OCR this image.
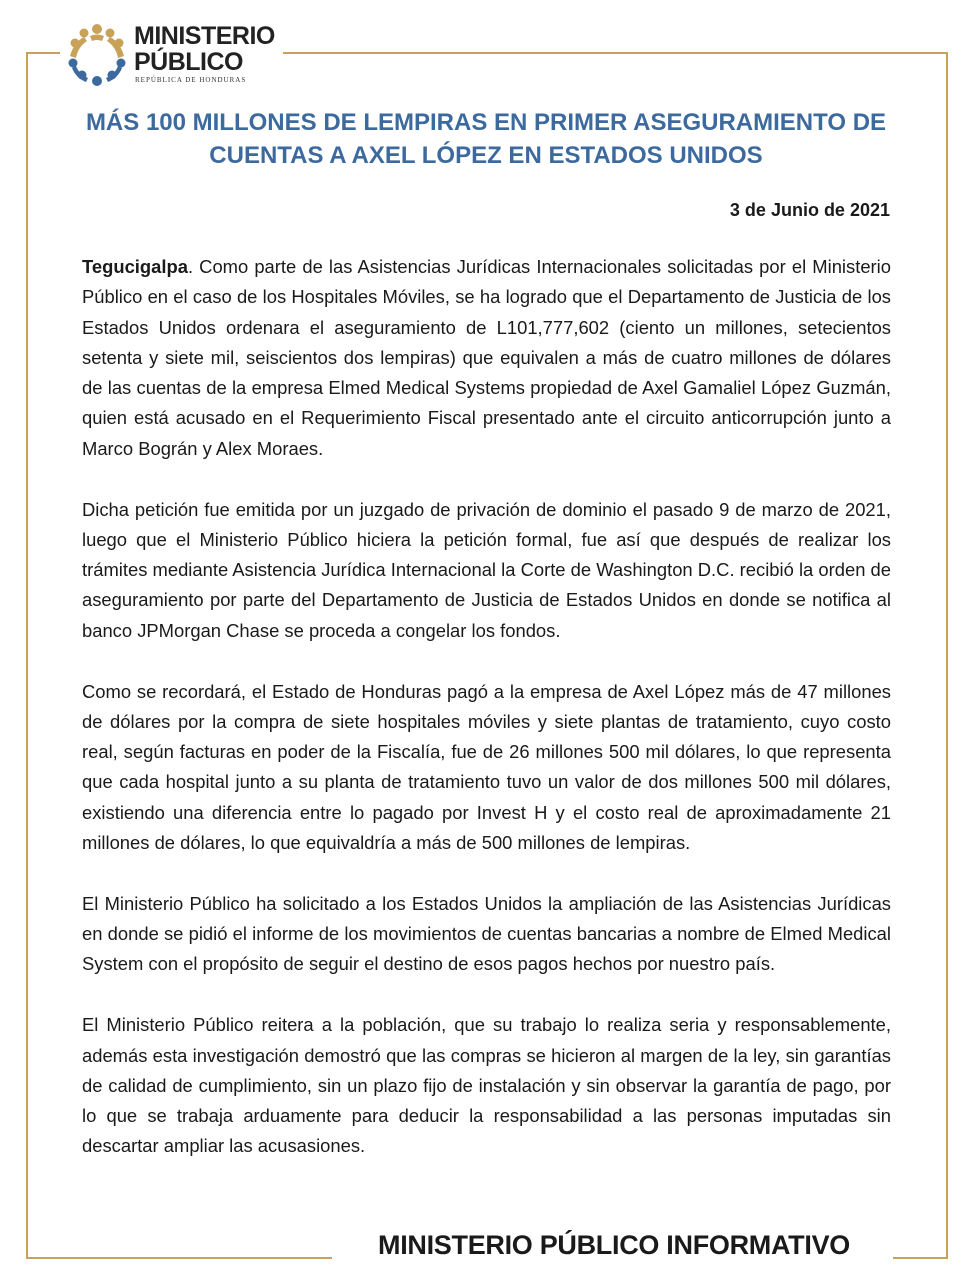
MINISTERIO
PÚBLICO
REPÚBLICA DE HONDURAS
MÁS 100 MILLONES DE LEMPIRAS EN PRIMER ASEGURAMIENTO DE CUENTAS A AXEL LÓPEZ EN ESTADOS UNIDOS
3 de Junio de 2021

Tegucigalpa. Como parte de las Asistencias Jurídicas Internacionales solicitadas por el Ministerio Público en el caso de los Hospitales Móviles, se ha logrado que el Departamento de Justicia de los Estados Unidos ordenara el aseguramiento de L101,777,602 (ciento un millones, setecientos setenta y siete mil, seiscientos dos lempiras) que equivalen a más de cuatro millones de dólares de las cuentas de la empresa Elmed Medical Systems propiedad de Axel Gamaliel López Guzmán, quien está acusado en el Requerimiento Fiscal presentado ante el circuito anticorrupción junto a Marco Bográn y Alex Moraes.

Dicha petición fue emitida por un juzgado de privación de dominio el pasado 9 de marzo de 2021, luego que el Ministerio Público hiciera la petición formal, fue así que después de realizar los trámites mediante Asistencia Jurídica Internacional la Corte de Washington D.C. recibió la orden de aseguramiento por parte del Departamento de Justicia de Estados Unidos en donde se notifica al banco JPMorgan Chase se proceda a congelar los fondos.

Como se recordará, el Estado de Honduras pagó a la empresa de Axel López más de 47 millones de dólares por la compra de siete hospitales móviles y siete plantas de tratamiento, cuyo costo real, según facturas en poder de la Fiscalía, fue de 26 millones 500 mil dólares, lo que representa que cada hospital junto a su planta de tratamiento tuvo un valor de dos millones 500 mil dólares, existiendo una diferencia entre lo pagado por Invest H y el costo real de aproximadamente 21 millones de dólares, lo que equivaldría a más de 500 millones de lempiras.

El Ministerio Público ha solicitado a los Estados Unidos la ampliación de las Asistencias Jurídicas en donde se pidió el informe de los movimientos de cuentas bancarias a nombre de Elmed Medical System con el propósito de seguir el destino de esos pagos hechos por nuestro país.

El Ministerio Público reitera a la población, que su trabajo lo realiza seria y responsablemente, además esta investigación demostró que las compras se hicieron al margen de la ley, sin garantías de calidad de cumplimiento, sin un plazo fijo de instalación y sin observar la garantía de pago, por lo que se trabaja arduamente para deducir la responsabilidad a las personas imputadas sin descartar ampliar las acusasiones.

MINISTERIO PÚBLICO INFORMATIVO
